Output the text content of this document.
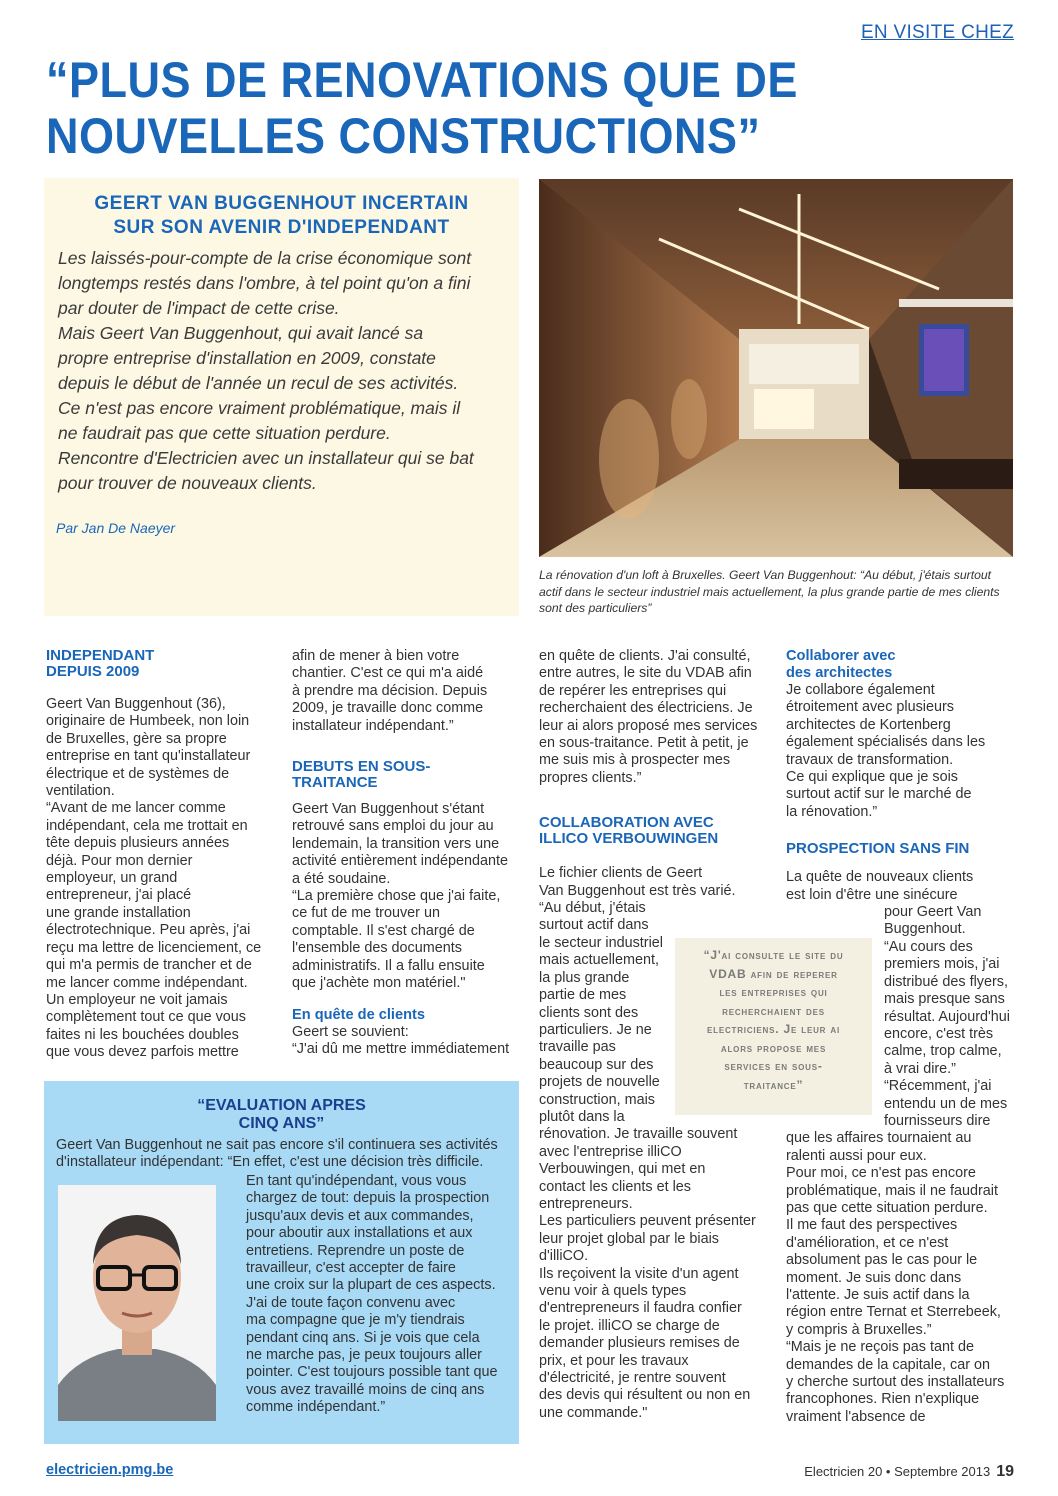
EN VISITE CHEZ
“PLUS DE RENOVATIONS QUE DE
NOUVELLES CONSTRUCTIONS”
GEERT VAN BUGGENHOUT INCERTAIN
SUR SON AVENIR D'INDEPENDANT

Les laissés-pour-compte de la crise économique sont
longtemps restés dans l'ombre, à tel point qu'on a fini
par douter de l'impact de cette crise.
Mais Geert Van Buggenhout, qui avait lancé sa
propre entreprise d'installation en 2009, constate
depuis le début de l'année un recul de ses activités.
Ce n'est pas encore vraiment problématique, mais il
ne faudrait pas que cette situation perdure.
Rencontre d'Electricien avec un installateur qui se bat
pour trouver de nouveaux clients.

Par Jan De Naeyer
La rénovation d'un loft à Bruxelles. Geert Van Buggenhout: “Au début, j'étais surtout
actif dans le secteur industriel mais actuellement, la plus grande partie de mes clients
sont des particuliers”
INDEPENDANT
DEPUIS 2009
Geert Van Buggenhout (36),
originaire de Humbeek, non loin
de Bruxelles, gère sa propre
entreprise en tant qu'installateur
électrique et de systèmes de
ventilation.
“Avant de me lancer comme
indépendant, cela me trottait en
tête depuis plusieurs années
déjà. Pour mon dernier
employeur, un grand
entrepreneur, j'ai placé
une grande installation
électrotechnique. Peu après, j'ai
reçu ma lettre de licenciement, ce
qui m'a permis de trancher et de
me lancer comme indépendant.
Un employeur ne voit jamais
complètement tout ce que vous
faites ni les bouchées doubles
que vous devez parfois mettre
afin de mener à bien votre
chantier. C'est ce qui m'a aidé
à prendre ma décision. Depuis
2009, je travaille donc comme
installateur indépendant.”
DEBUTS EN SOUS-
TRAITANCE
Geert Van Buggenhout s'étant
retrouvé sans emploi du jour au
lendemain, la transition vers une
activité entièrement indépendante
a été soudaine.
“La première chose que j'ai faite,
ce fut de me trouver un
comptable. Il s'est chargé de
l'ensemble des documents
administratifs. Il a fallu ensuite
que j'achète mon matériel."
En quête de clients
Geert se souvient:
“J'ai dû me mettre immédiatement
en quête de clients. J'ai consulté,
entre autres, le site du VDAB afin
de repérer les entreprises qui
recherchaient des électriciens. Je
leur ai alors proposé mes services
en sous-traitance. Petit à petit, je
me suis mis à prospecter mes
propres clients.”
COLLABORATION AVEC
ILLICO VERBOUWINGEN
Le fichier clients de Geert
Van Buggenhout est très varié.
“Au début, j'étais
surtout actif dans
le secteur industriel
mais actuellement,
la plus grande
partie de mes
clients sont des
particuliers. Je ne
travaille pas
beaucoup sur des
projets de nouvelle
construction, mais
plutôt dans la
rénovation. Je travaille souvent
avec l'entreprise illiCO
Verbouwingen, qui met en
contact les clients et les
entrepreneurs.
Les particuliers peuvent présenter
leur projet global par le biais
d'illiCO.
Ils reçoivent la visite d'un agent
venu voir à quels types
d'entrepreneurs il faudra confier
le projet. illiCO se charge de
demander plusieurs remises de
prix, et pour les travaux
d'électricité, je rentre souvent
des devis qui résultent ou non en
une commande."
Collaborer avec
des architectes
Je collabore également
étroitement avec plusieurs
architectes de Kortenberg
également spécialisés dans les
travaux de transformation.
Ce qui explique que je sois
surtout actif sur le marché de
la rénovation.”
PROSPECTION SANS FIN
La quête de nouveaux clients
est loin d'être une sinécure
pour Geert Van
Buggenhout.
“Au cours des
premiers mois, j'ai
distribué des flyers,
mais presque sans
résultat. Aujourd'hui
encore, c'est très
calme, trop calme,
à vrai dire.”
“Récemment, j'ai
entendu un de mes
fournisseurs dire
que les affaires tournaient au
ralenti aussi pour eux.
Pour moi, ce n'est pas encore
problématique, mais il ne faudrait
pas que cette situation perdure.
Il me faut des perspectives
d'amélioration, et ce n'est
absolument pas le cas pour le
moment. Je suis donc dans
l'attente. Je suis actif dans la
région entre Ternat et Sterrebeek,
y compris à Bruxelles.”
“Mais je ne reçois pas tant de
demandes de la capitale, car on
y cherche surtout des installateurs
francophones. Rien n'explique
vraiment l'absence de
“J'ai consulte le site du
VDAB afin de reperer
les entreprises qui
recherchaient des
electriciens. Je leur ai
alors propose mes
services en sous-
traitance”
“EVALUATION APRES
CINQ ANS”
Geert Van Buggenhout ne sait pas encore s'il continuera ses activités
d'installateur indépendant: “En effet, c'est une décision très difficile.
En tant qu'indépendant, vous vous
chargez de tout: depuis la prospection
jusqu'aux devis et aux commandes,
pour aboutir aux installations et aux
entretiens. Reprendre un poste de
travailleur, c'est accepter de faire
une croix sur la plupart de ces aspects.
J'ai de toute façon convenu avec
ma compagne que je m'y tiendrais
pendant cinq ans. Si je vois que cela
ne marche pas, je peux toujours aller
pointer. C'est toujours possible tant que
vous avez travaillé moins de cinq ans
comme indépendant.”
electricien.pmg.be	Electricien 20 • Septembre 2013 19
